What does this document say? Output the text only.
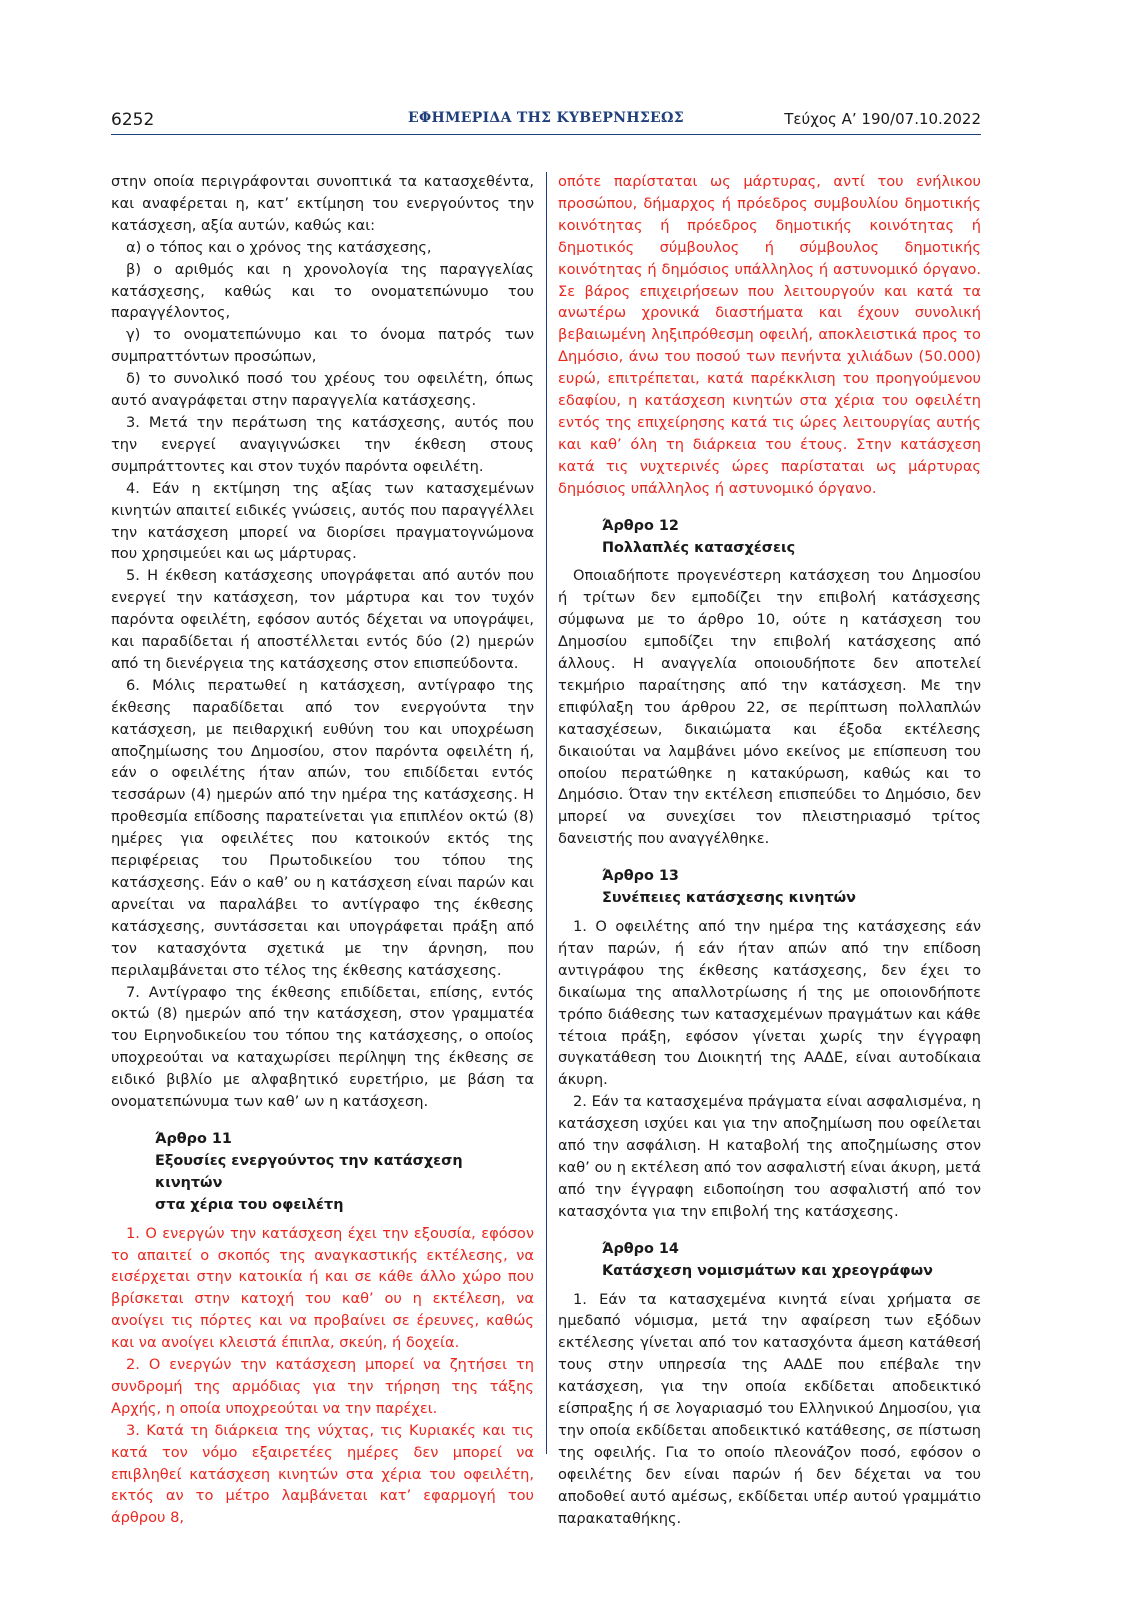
6252	ΕΦΗΜΕΡΙΔΑ ΤΗΣ ΚΥΒΕΡΝΗΣΕΩΣ	Τεύχος Α’ 190/07.10.2022

στην οποία περιγράφονται συνοπτικά τα κατασχεθέντα, και αναφέρεται η, κατ’ εκτίμηση του ενεργούντος την κατάσχεση, αξία αυτών, καθώς και:

α) ο τόπος και ο χρόνος της κατάσχεσης,

β) ο αριθμός και η χρονολογία της παραγγελίας κατάσχεσης, καθώς και το ονοματεπώνυμο του παραγγέλοντος,

γ) το ονοματεπώνυμο και το όνομα πατρός των συμπραττόντων προσώπων,

δ) το συνολικό ποσό του χρέους του οφειλέτη, όπως αυτό αναγράφεται στην παραγγελία κατάσχεσης.

3. Μετά την περάτωση της κατάσχεσης, αυτός που την ενεργεί αναγιγνώσκει την έκθεση στους συμπράττοντες και στον τυχόν παρόντα οφειλέτη.

4. Εάν η εκτίμηση της αξίας των κατασχεμένων κινητών απαιτεί ειδικές γνώσεις, αυτός που παραγγέλλει την κατάσχεση μπορεί να διορίσει πραγματογνώμονα που χρησιμεύει και ως μάρτυρας.

5. Η έκθεση κατάσχεσης υπογράφεται από αυτόν που ενεργεί την κατάσχεση, τον μάρτυρα και τον τυχόν παρόντα οφειλέτη, εφόσον αυτός δέχεται να υπογράψει, και παραδίδεται ή αποστέλλεται εντός δύο (2) ημερών από τη διενέργεια της κατάσχεσης στον επισπεύδοντα.

6. Μόλις περατωθεί η κατάσχεση, αντίγραφο της έκθεσης παραδίδεται από τον ενεργούντα την κατάσχεση, με πειθαρχική ευθύνη του και υποχρέωση αποζημίωσης του Δημοσίου, στον παρόντα οφειλέτη ή, εάν ο οφειλέτης ήταν απών, του επιδίδεται εντός τεσσάρων (4) ημερών από την ημέρα της κατάσχεσης. Η προθεσμία επίδοσης παρατείνεται για επιπλέον οκτώ (8) ημέρες για οφειλέτες που κατοικούν εκτός της περιφέρειας του Πρωτοδικείου του τόπου της κατάσχεσης. Εάν ο καθ’ ου η κατάσχεση είναι παρών και αρνείται να παραλάβει το αντίγραφο της έκθεσης κατάσχεσης, συντάσσεται και υπογράφεται πράξη από τον κατασχόντα σχετικά με την άρνηση, που περιλαμβάνεται στο τέλος της έκθεσης κατάσχεσης.

7. Αντίγραφο της έκθεσης επιδίδεται, επίσης, εντός οκτώ (8) ημερών από την κατάσχεση, στον γραμματέα του Ειρηνοδικείου του τόπου της κατάσχεσης, ο οποίος υποχρεούται να καταχωρίσει περίληψη της έκθεσης σε ειδικό βιβλίο με αλφαβητικό ευρετήριο, με βάση τα ονοματεπώνυμα των καθ’ ων η κατάσχεση.

Άρθρο 11
Εξουσίες ενεργούντος την κατάσχεση κινητών
στα χέρια του οφειλέτη

1. Ο ενεργών την κατάσχεση έχει την εξουσία, εφόσον το απαιτεί ο σκοπός της αναγκαστικής εκτέλεσης, να εισέρχεται στην κατοικία ή και σε κάθε άλλο χώρο που βρίσκεται στην κατοχή του καθ’ ου η εκτέλεση, να ανοίγει τις πόρτες και να προβαίνει σε έρευνες, καθώς και να ανοίγει κλειστά έπιπλα, σκεύη, ή δοχεία.

2. Ο ενεργών την κατάσχεση μπορεί να ζητήσει τη συνδρομή της αρμόδιας για την τήρηση της τάξης Αρχής, η οποία υποχρεούται να την παρέχει.

3. Κατά τη διάρκεια της νύχτας, τις Κυριακές και τις κατά τον νόμο εξαιρετέες ημέρες δεν μπορεί να επιβληθεί κατάσχεση κινητών στα χέρια του οφειλέτη, εκτός αν το μέτρο λαμβάνεται κατ’ εφαρμογή του άρθρου 8,

οπότε παρίσταται ως μάρτυρας, αντί του ενήλικου προσώπου, δήμαρχος ή πρόεδρος συμβουλίου δημοτικής κοινότητας ή πρόεδρος δημοτικής κοινότητας ή δημοτικός σύμβουλος ή σύμβουλος δημοτικής κοινότητας ή δημόσιος υπάλληλος ή αστυνομικό όργανο. Σε βάρος επιχειρήσεων που λειτουργούν και κατά τα ανωτέρω χρονικά διαστήματα και έχουν συνολική βεβαιωμένη ληξιπρόθεσμη οφειλή, αποκλειστικά προς το Δημόσιο, άνω του ποσού των πενήντα χιλιάδων (50.000) ευρώ, επιτρέπεται, κατά παρέκκλιση του προηγούμενου εδαφίου, η κατάσχεση κινητών στα χέρια του οφειλέτη εντός της επιχείρησης κατά τις ώρες λειτουργίας αυτής και καθ’ όλη τη διάρκεια του έτους. Στην κατάσχεση κατά τις νυχτερινές ώρες παρίσταται ως μάρτυρας δημόσιος υπάλληλος ή αστυνομικό όργανο.

Άρθρο 12
Πολλαπλές κατασχέσεις

Οποιαδήποτε προγενέστερη κατάσχεση του Δημοσίου ή τρίτων δεν εμποδίζει την επιβολή κατάσχεσης σύμφωνα με το άρθρο 10, ούτε η κατάσχεση του Δημοσίου εμποδίζει την επιβολή κατάσχεσης από άλλους. Η αναγγελία οποιουδήποτε δεν αποτελεί τεκμήριο παραίτησης από την κατάσχεση. Με την επιφύλαξη του άρθρου 22, σε περίπτωση πολλαπλών κατασχέσεων, δικαιώματα και έξοδα εκτέλεσης δικαιούται να λαμβάνει μόνο εκείνος με επίσπευση του οποίου περατώθηκε η κατακύρωση, καθώς και το Δημόσιο. Όταν την εκτέλεση επισπεύδει το Δημόσιο, δεν μπορεί να συνεχίσει τον πλειστηριασμό τρίτος δανειστής που αναγγέλθηκε.

Άρθρο 13
Συνέπειες κατάσχεσης κινητών

1. Ο οφειλέτης από την ημέρα της κατάσχεσης εάν ήταν παρών, ή εάν ήταν απών από την επίδοση αντιγράφου της έκθεσης κατάσχεσης, δεν έχει το δικαίωμα της απαλλοτρίωσης ή της με οποιονδήποτε τρόπο διάθεσης των κατασχεμένων πραγμάτων και κάθε τέτοια πράξη, εφόσον γίνεται χωρίς την έγγραφη συγκατάθεση του Διοικητή της ΑΑΔΕ, είναι αυτοδίκαια άκυρη.

2. Εάν τα κατασχεμένα πράγματα είναι ασφαλισμένα, η κατάσχεση ισχύει και για την αποζημίωση που οφείλεται από την ασφάλιση. Η καταβολή της αποζημίωσης στον καθ’ ου η εκτέλεση από τον ασφαλιστή είναι άκυρη, μετά από την έγγραφη ειδοποίηση του ασφαλιστή από τον κατασχόντα για την επιβολή της κατάσχεσης.

Άρθρο 14
Κατάσχεση νομισμάτων και χρεογράφων

1. Εάν τα κατασχεμένα κινητά είναι χρήματα σε ημεδαπό νόμισμα, μετά την αφαίρεση των εξόδων εκτέλεσης γίνεται από τον κατασχόντα άμεση κατάθεσή τους στην υπηρεσία της ΑΑΔΕ που επέβαλε την κατάσχεση, για την οποία εκδίδεται αποδεικτικό είσπραξης ή σε λογαριασμό του Ελληνικού Δημοσίου, για την οποία εκδίδεται αποδεικτικό κατάθεσης, σε πίστωση της οφειλής. Για το οποίο πλεονάζον ποσό, εφόσον ο οφειλέτης δεν είναι παρών ή δεν δέχεται να του αποδοθεί αυτό αμέσως, εκδίδεται υπέρ αυτού γραμμάτιο παρακαταθήκης.
